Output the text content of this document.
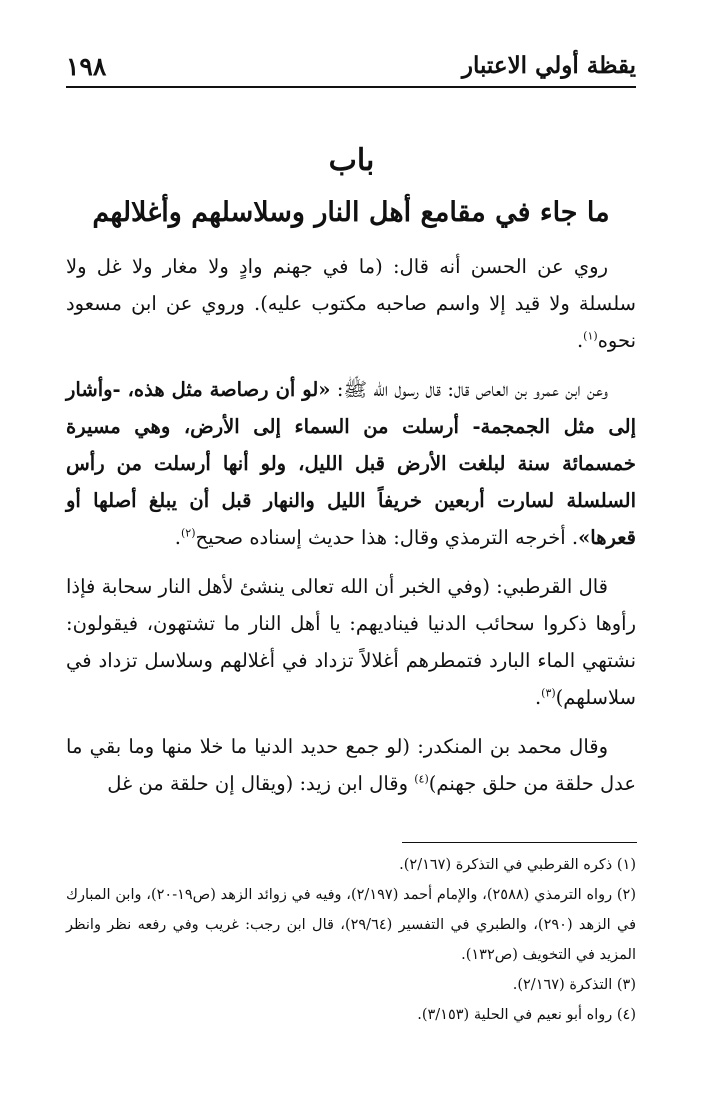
يقظة أولي الاعتبار
١٩٨
باب
ما جاء في مقامع أهل النار وسلاسلهم وأغلالهم

روي عن الحسن أنه قال: (ما في جهنم وادٍ ولا مغار ولا غل ولا سلسلة ولا قيد إلا واسم صاحبه مكتوب عليه). وروي عن ابن مسعود نحوه$^{(١)}$.

وعن ابن عمرو بن العاص قال: قال رسول الله ﷺ: «لو أن رصاصة مثل هذه، -وأشار إلى مثل الجمجمة- أرسلت من السماء إلى الأرض، وهي مسيرة خمسمائة سنة لبلغت الأرض قبل الليل، ولو أنها أرسلت من رأس السلسلة لسارت أربعين خريفاً الليل والنهار قبل أن يبلغ أصلها أو قعرها». أخرجه الترمذي وقال: هذا حديث إسناده صحيح$^{(٢)}$.

قال القرطبي: (وفي الخبر أن الله تعالى ينشئ لأهل النار سحابة فإذا رأوها ذكروا سحائب الدنيا فيناديهم: يا أهل النار ما تشتهون، فيقولون: نشتهي الماء البارد فتمطرهم أغلالاً تزداد في أغلالهم وسلاسل تزداد في سلاسلهم)$^{(٣)}$.

وقال محمد بن المنكدر: (لو جمع حديد الدنيا ما خلا منها وما بقي ما عدل حلقة من حلق جهنم)$^{(٤)}$ وقال ابن زيد: (ويقال إن حلقة من غل

(١) ذكره القرطبي في التذكرة (٢/١٦٧).

(٢) رواه الترمذي (٢٥٨٨)، والإمام أحمد (٢/١٩٧)، وفيه في زوائد الزهد (ص١٩-٢٠)، وابن المبارك في الزهد (٢٩٠)، والطبري في التفسير (٢٩/٦٤)، قال ابن رجب: غريب وفي رفعه نظر وانظر المزيد في التخويف (ص١٣٢).

(٣) التذكرة (٢/١٦٧).

(٤) رواه أبو نعيم في الحلية (٣/١٥٣).
